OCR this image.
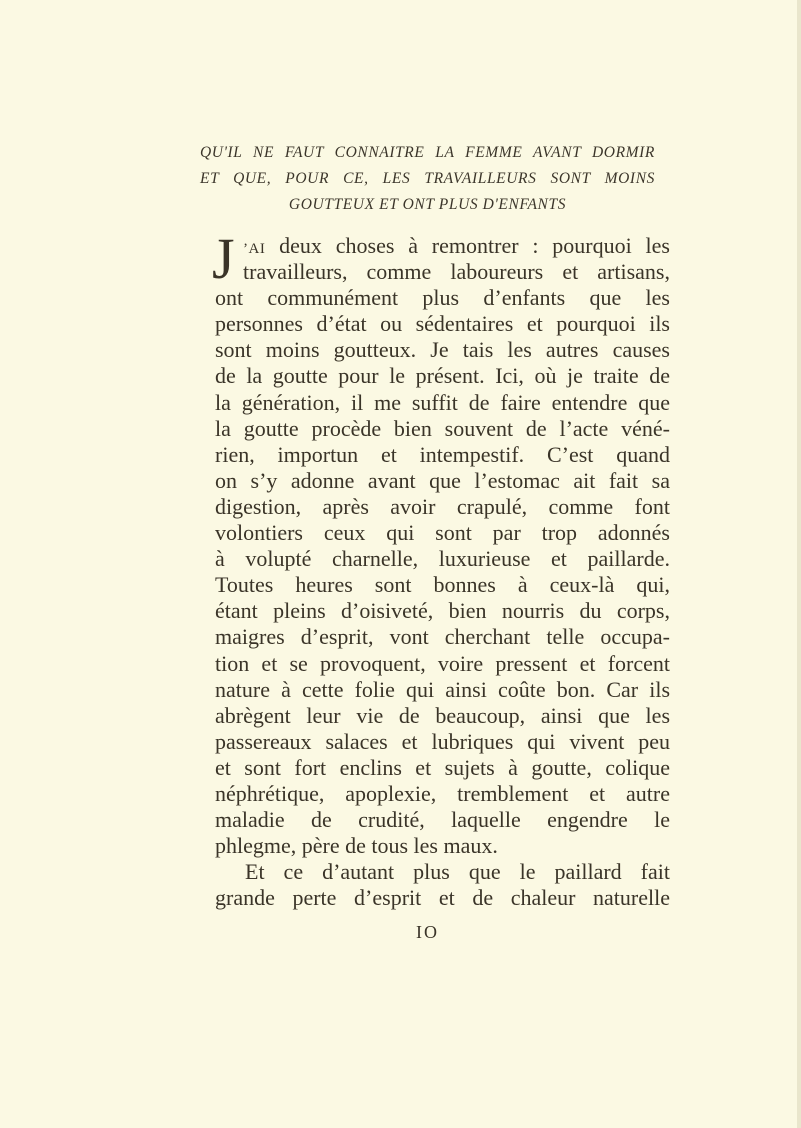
QU'IL NE FAUT CONNAITRE LA FEMME AVANT DORMIR
ET QUE, POUR CE, LES TRAVAILLEURS SONT MOINS
GOUTTEUX ET ONT PLUS D'ENFANTS
J ’AI deux choses à remontrer : pourquoi les
travailleurs, comme laboureurs et artisans,
ont communément plus d’enfants que les
personnes d’état ou sédentaires et pourquoi ils
sont moins goutteux. Je tais les autres causes
de la goutte pour le présent. Ici, où je traite de
la génération, il me suffit de faire entendre que
la goutte procède bien souvent de l’acte véné-
rien, importun et intempestif. C’est quand
on s’y adonne avant que l’estomac ait fait sa
digestion, après avoir crapulé, comme font
volontiers ceux qui sont par trop adonnés
à volupté charnelle, luxurieuse et paillarde.
Toutes heures sont bonnes à ceux-là qui,
étant pleins d’oisiveté, bien nourris du corps,
maigres d’esprit, vont cherchant telle occupa-
tion et se provoquent, voire pressent et forcent
nature à cette folie qui ainsi coûte bon. Car ils
abrègent leur vie de beaucoup, ainsi que les
passereaux salaces et lubriques qui vivent peu
et sont fort enclins et sujets à goutte, colique
néphrétique, apoplexie, tremblement et autre
maladie de crudité, laquelle engendre le
phlegme, père de tous les maux.
Et ce d’autant plus que le paillard fait
grande perte d’esprit et de chaleur naturelle
IO
